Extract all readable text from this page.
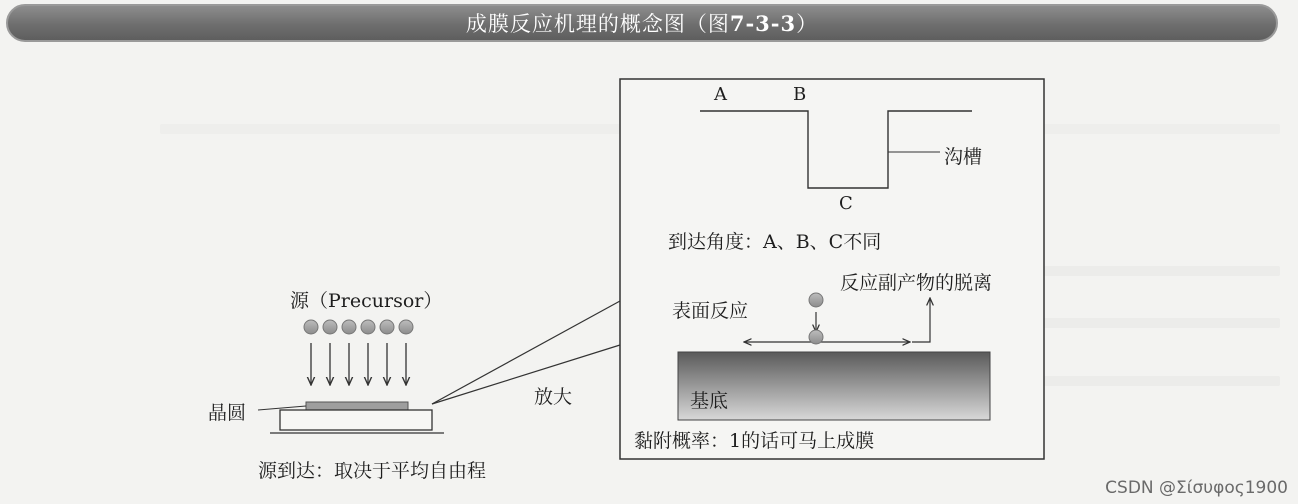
成膜反应机理的概念图（图 7-3-3 ）
源（Precursor）
晶圆
源到达：取决于平均自由程
放大
A	B
C
沟槽
到达角度：A、B、C不同
反应副产物的脱离
表面反应
基底
黏附概率：1的话可马上成膜
CSDN @Σίσυφος1900
